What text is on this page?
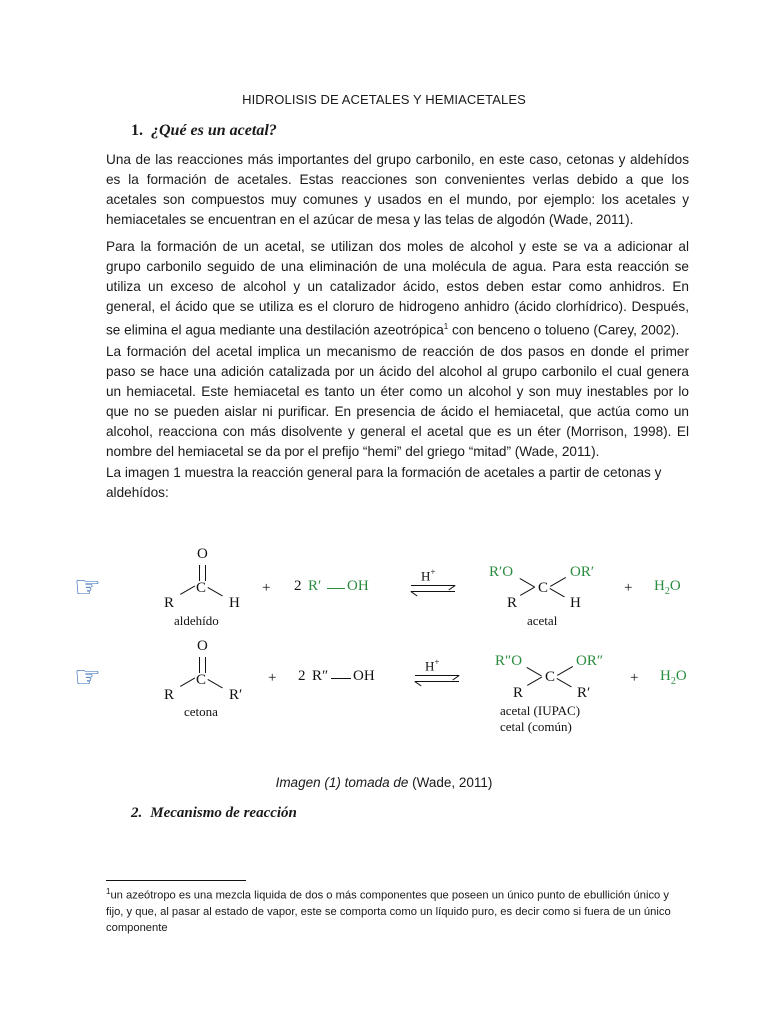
HIDROLISIS DE ACETALES Y HEMIACETALES
1. ¿Qué es un acetal?
Una de las reacciones más importantes del grupo carbonilo, en este caso, cetonas y aldehídos es la formación de acetales. Estas reacciones son convenientes verlas debido a que los acetales son compuestos muy comunes y usados en el mundo, por ejemplo: los acetales y hemiacetales se encuentran en el azúcar de mesa y las telas de algodón (Wade, 2011).
Para la formación de un acetal, se utilizan dos moles de alcohol y este se va a adicionar al grupo carbonilo seguido de una eliminación de una molécula de agua. Para esta reacción se utiliza un exceso de alcohol y un catalizador ácido, estos deben estar como anhidros. En general, el ácido que se utiliza es el cloruro de hidrogeno anhidro (ácido clorhídrico). Después, se elimina el agua mediante una destilación azeotrópica$^1$ con benceno o tolueno (Carey, 2002).
La formación del acetal implica un mecanismo de reacción de dos pasos en donde el primer paso se hace una adición catalizada por un ácido del alcohol al grupo carbonilo el cual genera un hemiacetal. Este hemiacetal es tanto un éter como un alcohol y son muy inestables por lo que no se pueden aislar ni purificar. En presencia de ácido el hemiacetal, que actúa como un alcohol, reacciona con más disolvente y general el acetal que es un éter (Morrison, 1998). El nombre del hemiacetal se da por el prefijo “hemi” del griego “mitad” (Wade, 2011).
La imagen 1 muestra la reacción general para la formación de acetales a partir de cetonas y aldehídos:
☞
O
C
R	H
aldehído
+ 2 R′ OH
H+	R′O	OR′
C
R	H
acetal
+ $H_2O$
☞
O
C
R	R′
cetona
+ 2 R″ OH
H+	R″O	OR″
C
R	R′
acetal (IUPAC)
cetal (común)
+ $H_2O$
Imagen (1) tomada de (Wade, 2011)
2. Mecanismo de reacción
$^1$un azeótropo es una mezcla liquida de dos o más componentes que poseen un único punto de ebullición único y fijo, y que, al pasar al estado de vapor, este se comporta como un líquido puro, es decir como si fuera de un único componente
